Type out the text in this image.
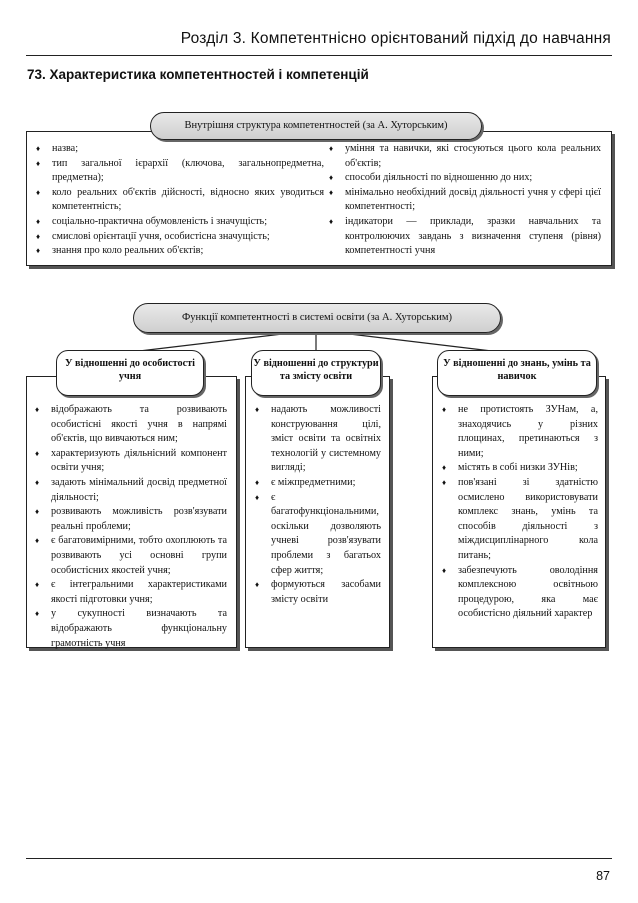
Розділ 3. Компетентнісно орієнтований підхід до навчання
73. Характеристика компетентностей і компетенцій
♦ назва;
♦ тип загальної ієрархії (ключова, загальнопредметна, предметна);
♦ коло реальних об'єктів дійсності, відносно яких уводиться компетентність;
♦ соціально-практична обумовленість і значущість;
♦ смислові орієнтації учня, особистісна значущість;
♦ знання про коло реальних об'єктів;
♦ уміння та навички, які стосуються цього кола реальних об'єктів;
♦ способи діяльності по відношенню до них;
♦ мінімально необхідний досвід діяльності учня у сфері цієї компетентності;
♦ індикатори — приклади, зразки навчальних та контролюючих завдань з визначення ступеня (рівня) компетентності учня
Внутрішня структура компетентностей (за А. Хуторським)
Функції компетентності в системі освіти (за А. Хуторським)
♦ відображають та розвивають особистісні якості учня в напрямі об'єктів, що вивчаються ним;
♦ характеризують діяльнісний компонент освіти учня;
♦ задають мінімальний досвід предметної діяльності;
♦ розвивають можливість розв'язувати реальні проблеми;
♦ є багатовимірними, тобто охоплюють та розвивають усі основні групи особистісних якостей учня;
♦ є інтегральними характеристиками якості підготовки учня;
♦ у сукупності визначають та відображають функціональну грамотність учня
У відношенні до особистості учня
♦ надають можливості конструювання цілі, зміст освіти та освітніх технологій у системному вигляді;
♦ є міжпредметними;
♦ є багатофункціональними, оскільки дозволяють учневі розв'язувати проблеми з багатьох сфер життя;
♦ формуються засобами змісту освіти
У відношенні до структури та змісту освіти
♦ не протистоять ЗУНам, а, знаходячись у різних площинах, претинаються з ними;
♦ містять в собі низки ЗУНів;
♦ пов'язані зі здатністю осмислено використовувати комплекс знань, умінь та способів діяльності з міждисциплінарного кола питань;
♦ забезпечують оволодіння комплексною освітньою процедурою, яка має особистісно діяльний характер
У відношенні до знань, умінь та навичок
87
